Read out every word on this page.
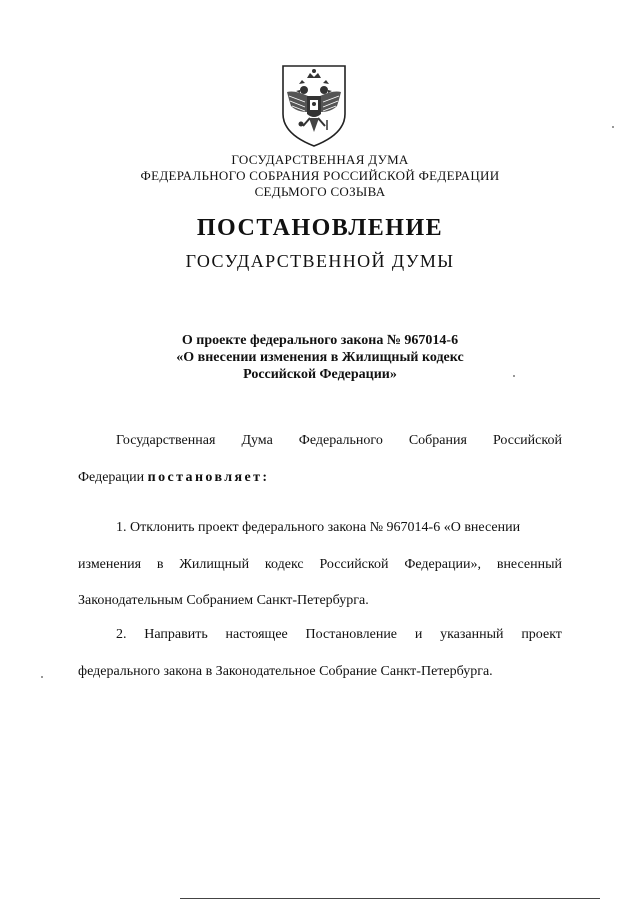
ГОСУДАРСТВЕННАЯ ДУМА
ФЕДЕРАЛЬНОГО СОБРАНИЯ РОССИЙСКОЙ ФЕДЕРАЦИИ
СЕДЬМОГО СОЗЫВА
ПОСТАНОВЛЕНИЕ
ГОСУДАРСТВЕННОЙ ДУМЫ
О проекте федерального закона № 967014-6
«О внесении изменения в Жилищный кодекс
Российской Федерации»
Государственная Дума Федерального Собрания Российской
Федерации постановляет:
1. Отклонить проект федерального закона № 967014-6 «О внесении
изменения в Жилищный кодекс Российской Федерации», внесенный
Законодательным Собранием Санкт-Петербурга.
2. Направить настоящее Постановление и указанный проект
федерального закона в Законодательное Собрание Санкт-Петербурга.
